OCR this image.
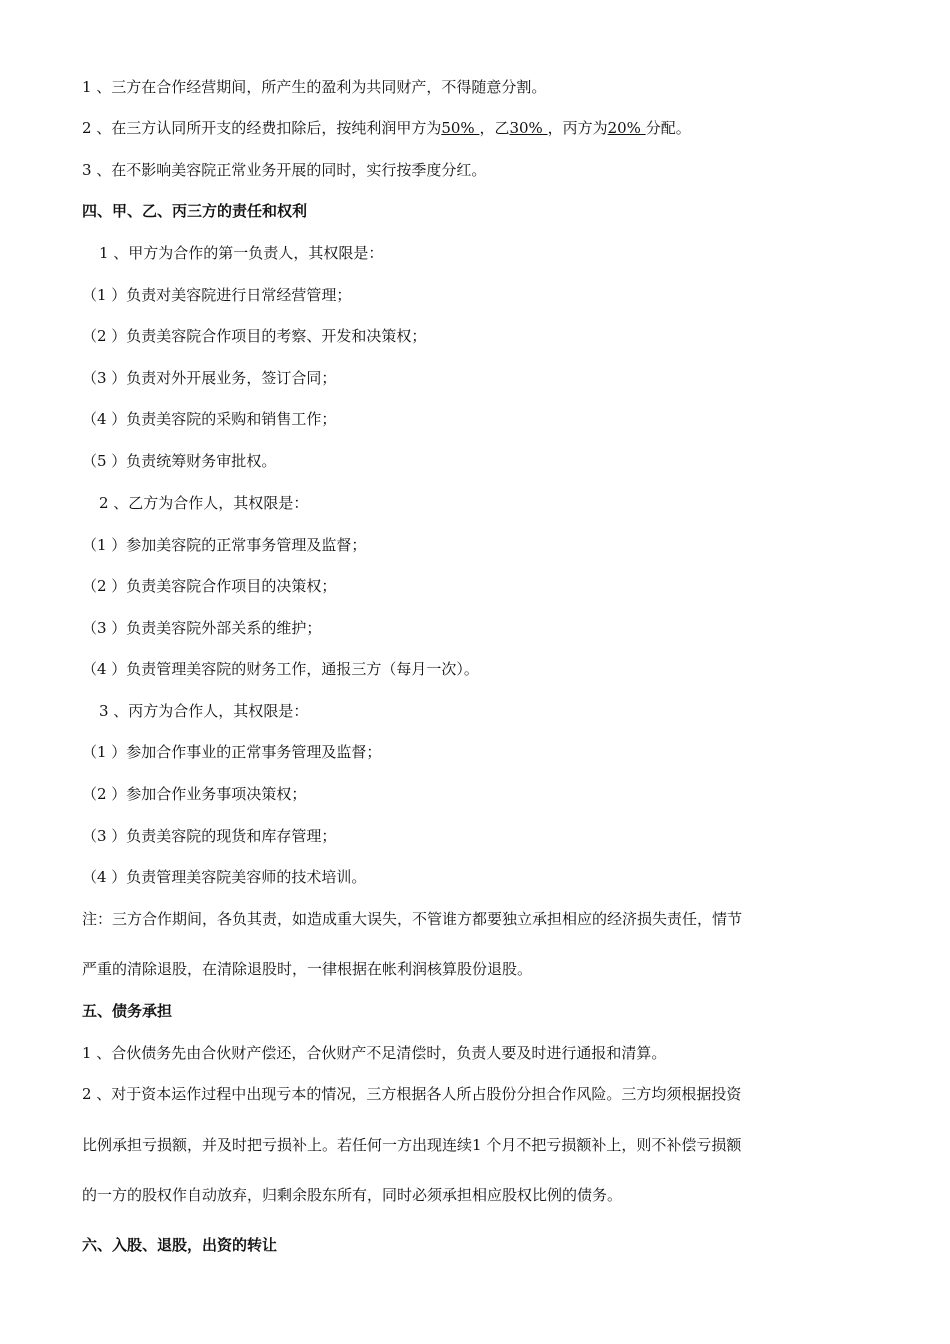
1 、三方在合作经营期间，所产生的盈利为共同财产，不得随意分割。
2 、在三方认同所开支的经费扣除后，按纯利润甲方为50% ，乙30% ，丙方为20% 分配。
3 、在不影响美容院正常业务开展的同时，实行按季度分红。
四、甲、乙、丙三方的责任和权利
1 、甲方为合作的第一负责人，其权限是：
（1 ）负责对美容院进行日常经营管理；
（2 ）负责美容院合作项目的考察、开发和决策权；
（3 ）负责对外开展业务，签订合同；
（4 ）负责美容院的采购和销售工作；
（5 ）负责统筹财务审批权。
2 、乙方为合作人，其权限是：
（1 ）参加美容院的正常事务管理及监督；
（2 ）负责美容院合作项目的决策权；
（3 ）负责美容院外部关系的维护；
（4 ）负责管理美容院的财务工作，通报三方（每月一次）。
3 、丙方为合作人，其权限是：
（1 ）参加合作事业的正常事务管理及监督；
（2 ）参加合作业务事项决策权；
（3 ）负责美容院的现货和库存管理；
（4 ）负责管理美容院美容师的技术培训。
注：三方合作期间，各负其责，如造成重大误失，不管谁方都要独立承担相应的经济损失责任，情节
严重的清除退股，在清除退股时，一律根据在帐利润核算股份退股。
五、债务承担
1 、合伙债务先由合伙财产偿还，合伙财产不足清偿时，负责人要及时进行通报和清算。
2 、对于资本运作过程中出现亏本的情况，三方根据各人所占股份分担合作风险。三方均须根据投资
比例承担亏损额，并及时把亏损补上。若任何一方出现连续1 个月不把亏损额补上，则不补偿亏损额
的一方的股权作自动放弃，归剩余股东所有，同时必须承担相应股权比例的债务。
六、入股、退股，出资的转让
